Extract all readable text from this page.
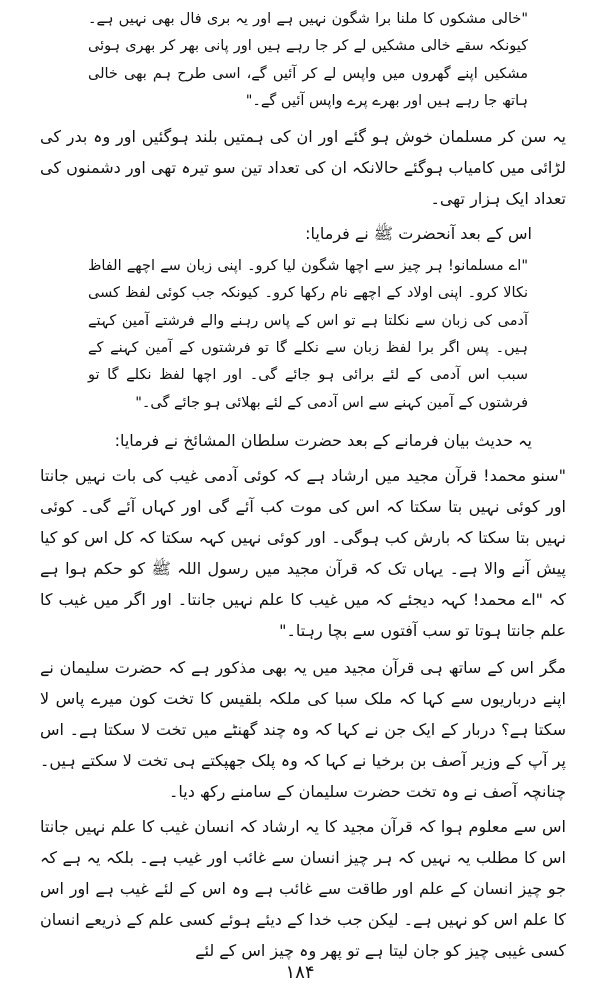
"خالی مشکوں کا ملنا برا شگون نہیں ہے اور یہ بری فال بھی نہیں ہے۔ کیونکہ سقے خالی مشکیں لے کر جا رہے ہیں اور پانی بھر کر بھری ہوئی مشکیں اپنے گھروں میں واپس لے کر آئیں گے، اسی طرح ہم بھی خالی ہاتھ جا رہے ہیں اور بھرے پرے واپس آئیں گے۔"

یہ سن کر مسلمان خوش ہو گئے اور ان کی ہمتیں بلند ہوگئیں اور وہ بدر کی لڑائی میں کامیاب ہوگئے حالانکہ ان کی تعداد تین سو تیرہ تھی اور دشمنوں کی تعداد ایک ہزار تھی۔

اس کے بعد آنحضرت ﷺ نے فرمایا:

"اے مسلمانو! ہر چیز سے اچھا شگون لیا کرو۔ اپنی زبان سے اچھے الفاظ نکالا کرو۔ اپنی اولاد کے اچھے نام رکھا کرو۔ کیونکہ جب کوئی لفظ کسی آدمی کی زبان سے نکلتا ہے تو اس کے پاس رہنے والے فرشتے آمین کہتے ہیں۔ پس اگر برا لفظ زبان سے نکلے گا تو فرشتوں کے آمین کہنے کے سبب اس آدمی کے لئے برائی ہو جائے گی۔ اور اچھا لفظ نکلے گا تو فرشتوں کے آمین کہنے سے اس آدمی کے لئے بھلائی ہو جائے گی۔"

یہ حدیث بیان فرمانے کے بعد حضرت سلطان المشائخ نے فرمایا:

"سنو محمد! قرآن مجید میں ارشاد ہے کہ کوئی آدمی غیب کی بات نہیں جانتا اور کوئی نہیں بتا سکتا کہ اس کی موت کب آئے گی اور کہاں آئے گی۔ کوئی نہیں بتا سکتا کہ بارش کب ہوگی۔ اور کوئی نہیں کہہ سکتا کہ کل اس کو کیا پیش آنے والا ہے۔ یہاں تک کہ قرآن مجید میں رسول اللہ ﷺ کو حکم ہوا ہے کہ "اے محمد! کہہ دیجئے کہ میں غیب کا علم نہیں جانتا۔ اور اگر میں غیب کا علم جانتا ہوتا تو سب آفتوں سے بچا رہتا۔"

مگر اس کے ساتھ ہی قرآن مجید میں یہ بھی مذکور ہے کہ حضرت سلیمان نے اپنے درباریوں سے کہا کہ ملک سبا کی ملکہ بلقیس کا تخت کون میرے پاس لا سکتا ہے؟ دربار کے ایک جن نے کہا کہ وہ چند گھنٹے میں تخت لا سکتا ہے۔ اس پر آپ کے وزیر آصف بن برخیا نے کہا کہ وہ پلک جھپکتے ہی تخت لا سکتے ہیں۔ چنانچہ آصف نے وہ تخت حضرت سلیمان کے سامنے رکھ دیا۔

اس سے معلوم ہوا کہ قرآن مجید کا یہ ارشاد کہ انسان غیب کا علم نہیں جانتا اس کا مطلب یہ نہیں کہ ہر چیز انسان سے غائب اور غیب ہے۔ بلکہ یہ ہے کہ جو چیز انسان کے علم اور طاقت سے غائب ہے وہ اس کے لئے غیب ہے اور اس کا علم اس کو نہیں ہے۔ لیکن جب خدا کے دیئے ہوئے کسی علم کے ذریعے انسان کسی غیبی چیز کو جان لیتا ہے تو پھر وہ چیز اس کے لئے

۱۸۴
